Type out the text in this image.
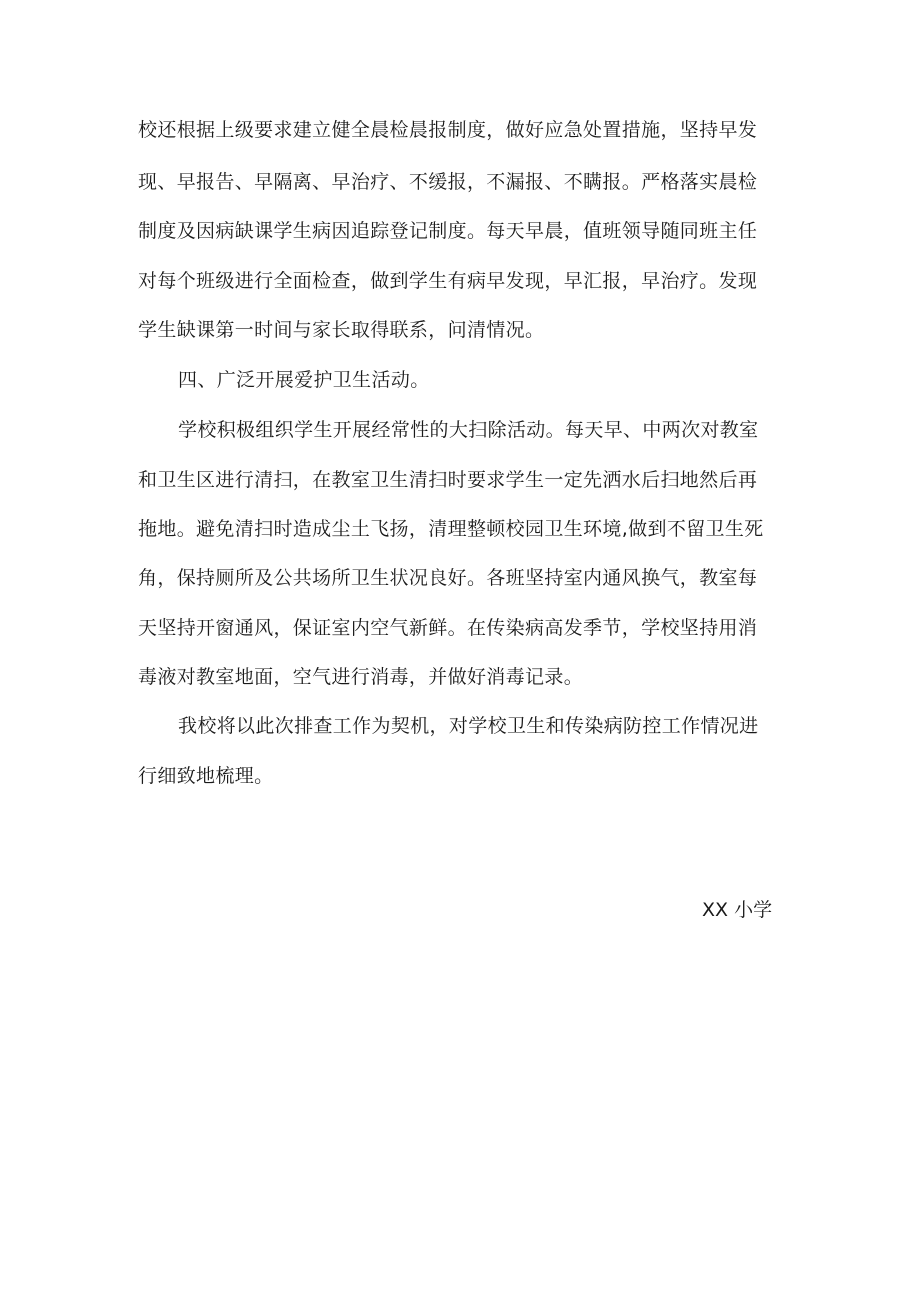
校还根据上级要求建立健全晨检晨报制度，做好应急处置措施，坚持早发
现、早报告、早隔离、早治疗、不缓报，不漏报、不瞒报。严格落实晨检
制度及因病缺课学生病因追踪登记制度。每天早晨，值班领导随同班主任
对每个班级进行全面检查，做到学生有病早发现，早汇报，早治疗。发现
学生缺课第一时间与家长取得联系，问清情况。
四、广泛开展爱护卫生活动。
学校积极组织学生开展经常性的大扫除活动。每天早、中两次对教室
和卫生区进行清扫，在教室卫生清扫时要求学生一定先洒水后扫地然后再
拖地。避免清扫时造成尘土飞扬，清理整顿校园卫生环境,做到不留卫生死
角，保持厕所及公共场所卫生状况良好。各班坚持室内通风换气，教室每
天坚持开窗通风，保证室内空气新鲜。在传染病高发季节，学校坚持用消
毒液对教室地面，空气进行消毒，并做好消毒记录。
我校将以此次排查工作为契机，对学校卫生和传染病防控工作情况进
行细致地梳理。
XX 小学
